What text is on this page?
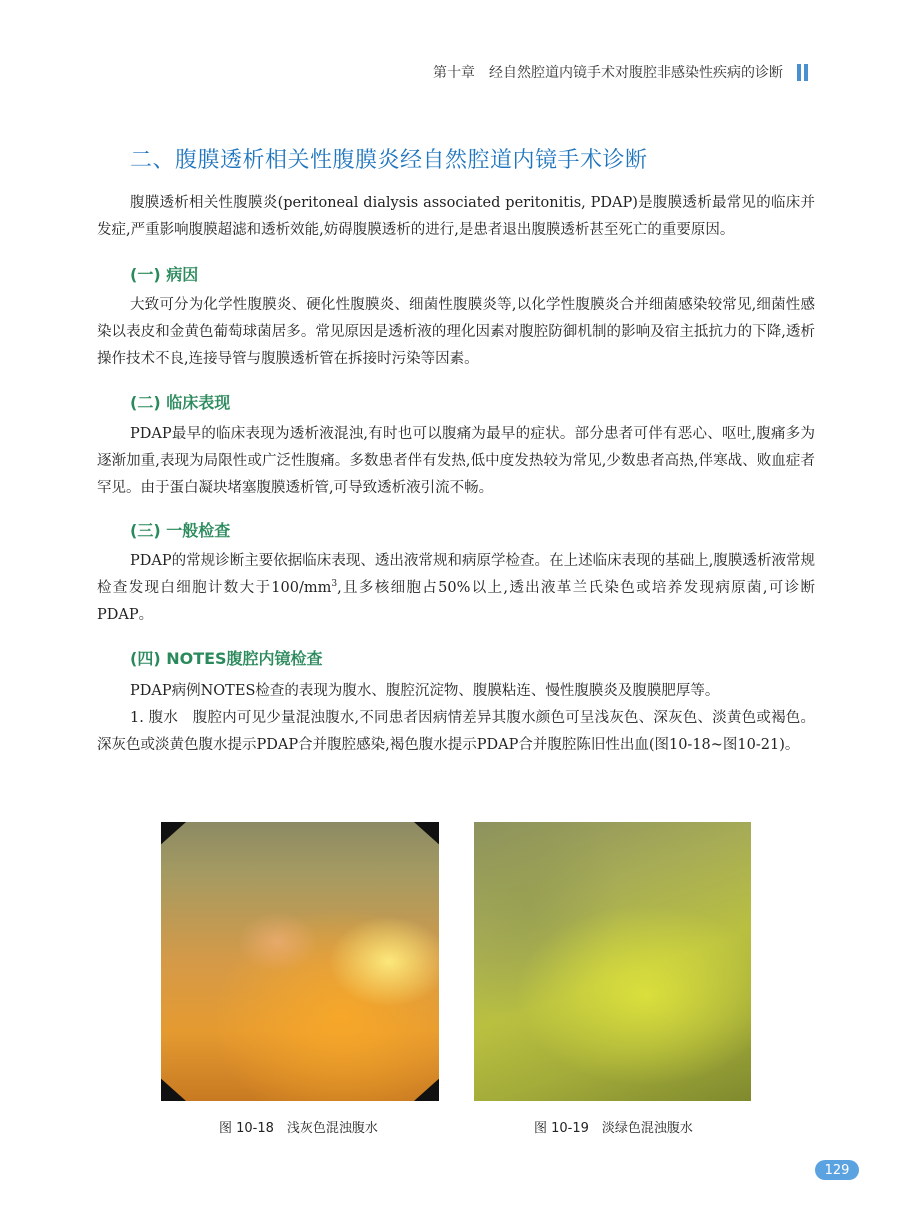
第十章　经自然腔道内镜手术对腹腔非感染性疾病的诊断
二、腹膜透析相关性腹膜炎经自然腔道内镜手术诊断

腹膜透析相关性腹膜炎(peritoneal dialysis associated peritonitis, PDAP)是腹膜透析最常见的临床并发症,严重影响腹膜超滤和透析效能,妨碍腹膜透析的进行,是患者退出腹膜透析甚至死亡的重要原因。

(一) 病因

大致可分为化学性腹膜炎、硬化性腹膜炎、细菌性腹膜炎等,以化学性腹膜炎合并细菌感染较常见,细菌性感染以表皮和金黄色葡萄球菌居多。常见原因是透析液的理化因素对腹腔防御机制的影响及宿主抵抗力的下降,透析操作技术不良,连接导管与腹膜透析管在拆接时污染等因素。

(二) 临床表现

PDAP最早的临床表现为透析液混浊,有时也可以腹痛为最早的症状。部分患者可伴有恶心、呕吐,腹痛多为逐渐加重,表现为局限性或广泛性腹痛。多数患者伴有发热,低中度发热较为常见,少数患者高热,伴寒战、败血症者罕见。由于蛋白凝块堵塞腹膜透析管,可导致透析液引流不畅。

(三) 一般检查

PDAP的常规诊断主要依据临床表现、透出液常规和病原学检查。在上述临床表现的基础上,腹膜透析液常规检查发现白细胞计数大于$100/mm^3$,且多核细胞占50%以上,透出液革兰氏染色或培养发现病原菌,可诊断PDAP。

(四) NOTES腹腔内镜检查

PDAP病例NOTES检查的表现为腹水、腹腔沉淀物、腹膜粘连、慢性腹膜炎及腹膜肥厚等。

1. 腹水　腹腔内可见少量混浊腹水,不同患者因病情差异其腹水颜色可呈浅灰色、深灰色、淡黄色或褐色。深灰色或淡黄色腹水提示PDAP合并腹腔感染,褐色腹水提示PDAP合并腹腔陈旧性出血(图10-18~图10-21)。

图 10-18　浅灰色混浊腹水	图 10-19　淡绿色混浊腹水
129
